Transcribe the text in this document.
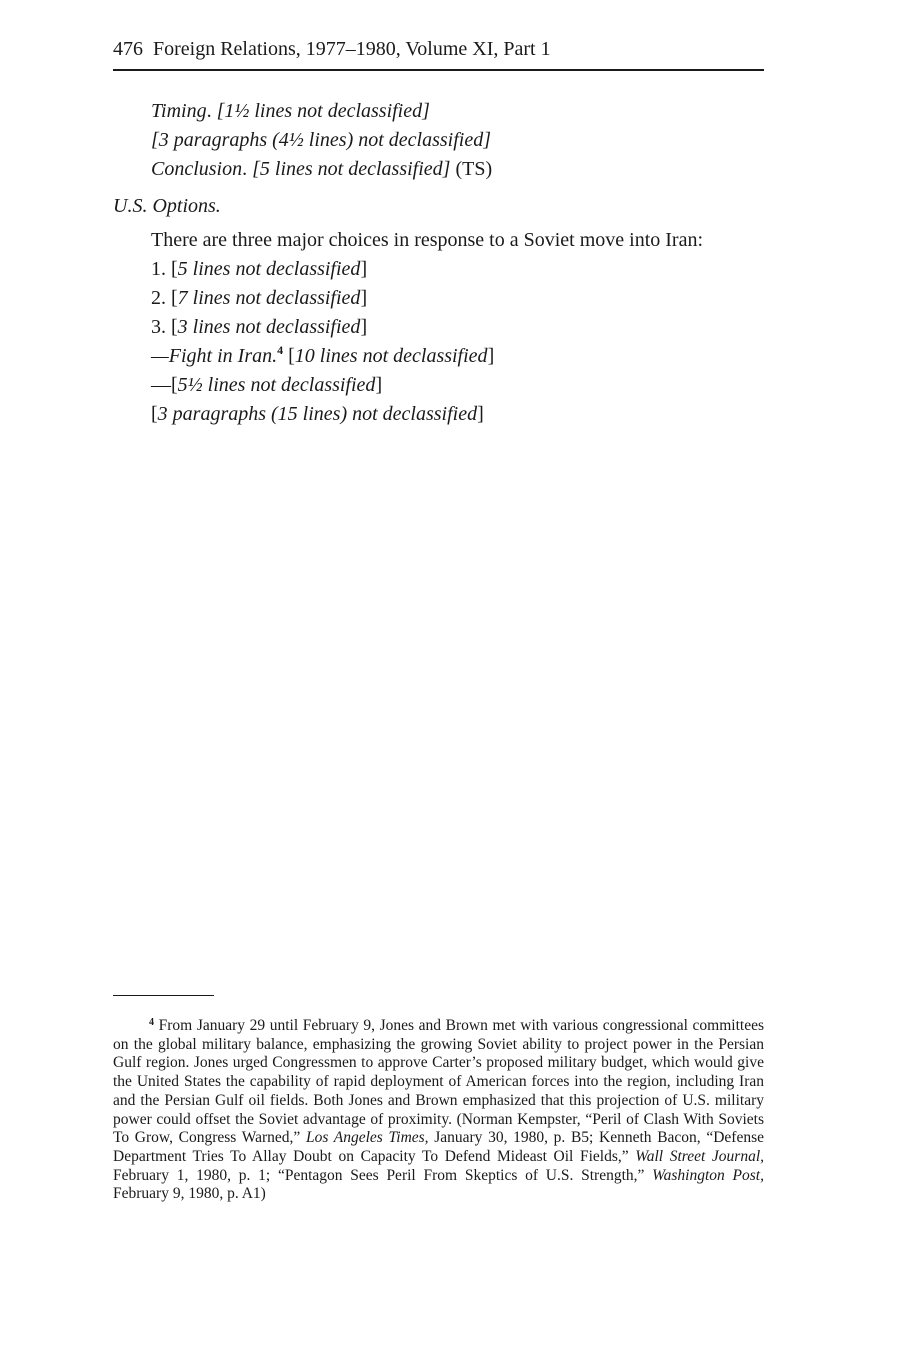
476 Foreign Relations, 1977–1980, Volume XI, Part 1
Timing. [1½ lines not declassified]
[3 paragraphs (4½ lines) not declassified]
Conclusion. [5 lines not declassified] (TS)
U.S. Options.
There are three major choices in response to a Soviet move into Iran:
1. [5 lines not declassified]
2. [7 lines not declassified]
3. [3 lines not declassified]
—Fight in Iran.$^4$ [10 lines not declassified]
—[5½ lines not declassified]
[3 paragraphs (15 lines) not declassified]
$^4$ From January 29 until February 9, Jones and Brown met with various congressional committees on the global military balance, emphasizing the growing Soviet ability to project power in the Persian Gulf region. Jones urged Congressmen to approve Carter’s proposed military budget, which would give the United States the capability of rapid deployment of American forces into the region, including Iran and the Persian Gulf oil fields. Both Jones and Brown emphasized that this projection of U.S. military power could offset the Soviet advantage of proximity. (Norman Kempster, “Peril of Clash With Soviets To Grow, Congress Warned,” Los Angeles Times, January 30, 1980, p. B5; Kenneth Bacon, “Defense Department Tries To Allay Doubt on Capacity To Defend Mideast Oil Fields,” Wall Street Journal, February 1, 1980, p. 1; “Pentagon Sees Peril From Skeptics of U.S. Strength,” Washington Post, February 9, 1980, p. A1)
